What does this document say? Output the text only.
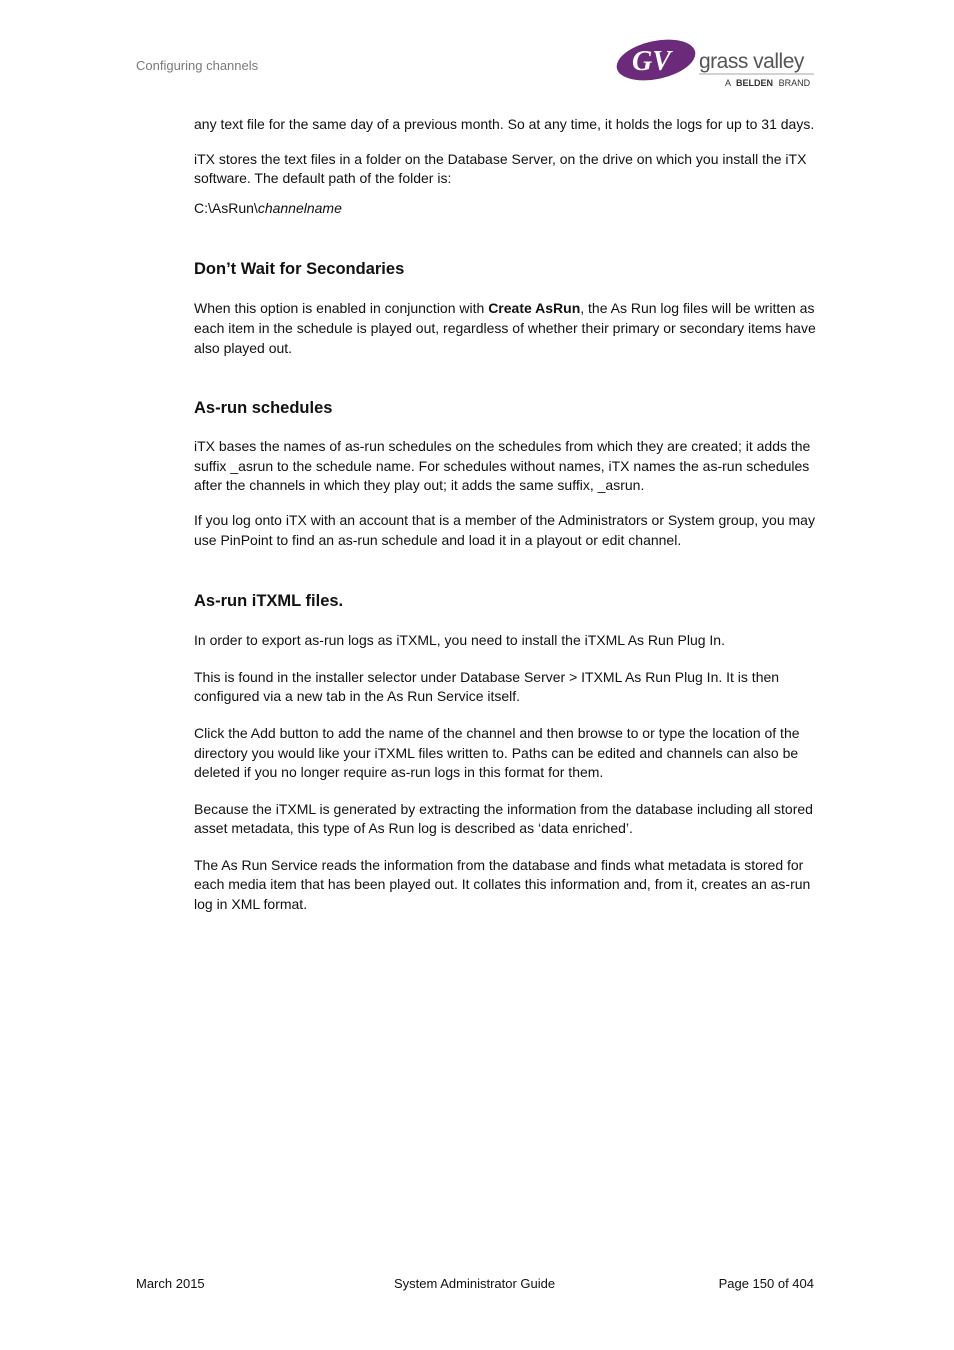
Configuring channels	GV grass valley
A BELDEN BRAND

any text file for the same day of a previous month. So at any time, it holds the logs for up to 31 days.

iTX stores the text files in a folder on the Database Server, on the drive on which you install the iTX software. The default path of the folder is:

C:\AsRun\channelname

Don’t Wait for Secondaries

When this option is enabled in conjunction with Create AsRun, the As Run log files will be written as each item in the schedule is played out, regardless of whether their primary or secondary items have also played out.

As-run schedules

iTX bases the names of as-run schedules on the schedules from which they are created; it adds the suffix _asrun to the schedule name. For schedules without names, iTX names the as-run schedules after the channels in which they play out; it adds the same suffix, _asrun.

If you log onto iTX with an account that is a member of the Administrators or System group, you may use PinPoint to find an as-run schedule and load it in a playout or edit channel.

As-run iTXML files.

In order to export as-run logs as iTXML, you need to install the iTXML As Run Plug In.

This is found in the installer selector under Database Server > ITXML As Run Plug In. It is then configured via a new tab in the As Run Service itself.

Click the Add button to add the name of the channel and then browse to or type the location of the directory you would like your iTXML files written to. Paths can be edited and channels can also be deleted if you no longer require as-run logs in this format for them.

Because the iTXML is generated by extracting the information from the database including all stored asset metadata, this type of As Run log is described as ‘data enriched’.

The As Run Service reads the information from the database and finds what metadata is stored for each media item that has been played out. It collates this information and, from it, creates an as-run log in XML format.

March 2015	System Administrator Guide	Page 150 of 404
